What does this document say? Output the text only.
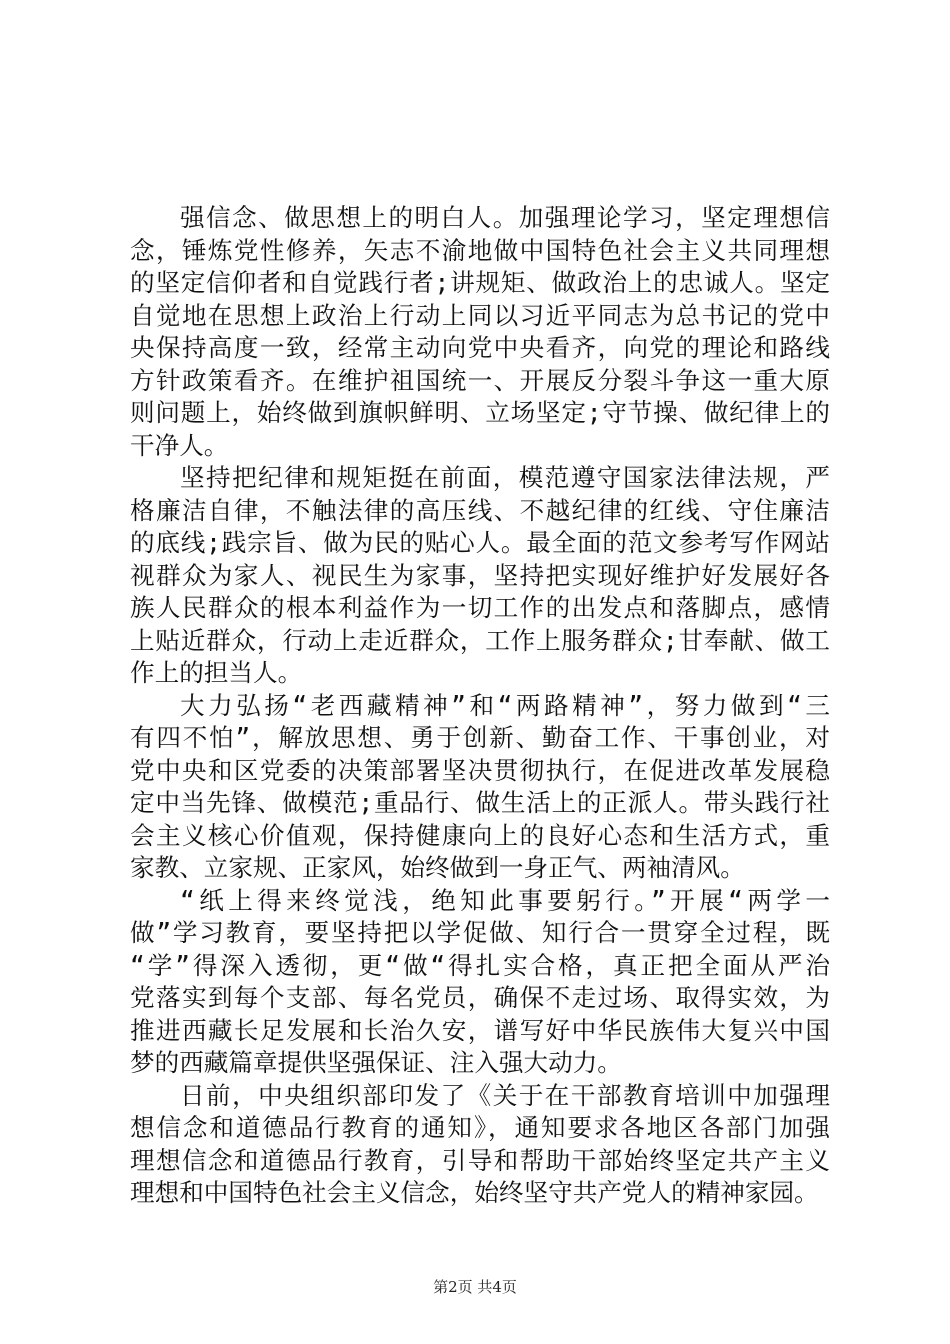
强信念、做思想上的明白人。加强理论学习，坚定理想信
念，锤炼党性修养，矢志不渝地做中国特色社会主义共同理想
的坚定信仰者和自觉践行者;讲规矩、做政治上的忠诚人。坚定
自觉地在思想上政治上行动上同以习近平同志为总书记的党中
央保持高度一致，经常主动向党中央看齐，向党的理论和路线
方针政策看齐。在维护祖国统一、开展反分裂斗争这一重大原
则问题上，始终做到旗帜鲜明、立场坚定;守节操、做纪律上的
干净人。
坚持把纪律和规矩挺在前面，模范遵守国家法律法规，严
格廉洁自律，不触法律的高压线、不越纪律的红线、守住廉洁
的底线;践宗旨、做为民的贴心人。最全面的范文参考写作网站
视群众为家人、视民生为家事，坚持把实现好维护好发展好各
族人民群众的根本利益作为一切工作的出发点和落脚点，感情
上贴近群众，行动上走近群众，工作上服务群众;甘奉献、做工
作上的担当人。
大力弘扬“老西藏精神”和“两路精神”，努力做到“三
有四不怕”，解放思想、勇于创新、勤奋工作、干事创业，对
党中央和区党委的决策部署坚决贯彻执行，在促进改革发展稳
定中当先锋、做模范;重品行、做生活上的正派人。带头践行社
会主义核心价值观，保持健康向上的良好心态和生活方式，重
家教、立家规、正家风，始终做到一身正气、两袖清风。
“纸上得来终觉浅，绝知此事要躬行。”开展“两学一
做”学习教育，要坚持把以学促做、知行合一贯穿全过程，既
“学”得深入透彻，更“做“得扎实合格，真正把全面从严治
党落实到每个支部、每名党员，确保不走过场、取得实效，为
推进西藏长足发展和长治久安，谱写好中华民族伟大复兴中国
梦的西藏篇章提供坚强保证、注入强大动力。
日前，中央组织部印发了《关于在干部教育培训中加强理
想信念和道德品行教育的通知》，通知要求各地区各部门加强
理想信念和道德品行教育，引导和帮助干部始终坚定共产主义
理想和中国特色社会主义信念，始终坚守共产党人的精神家园。
第2页 共4页
